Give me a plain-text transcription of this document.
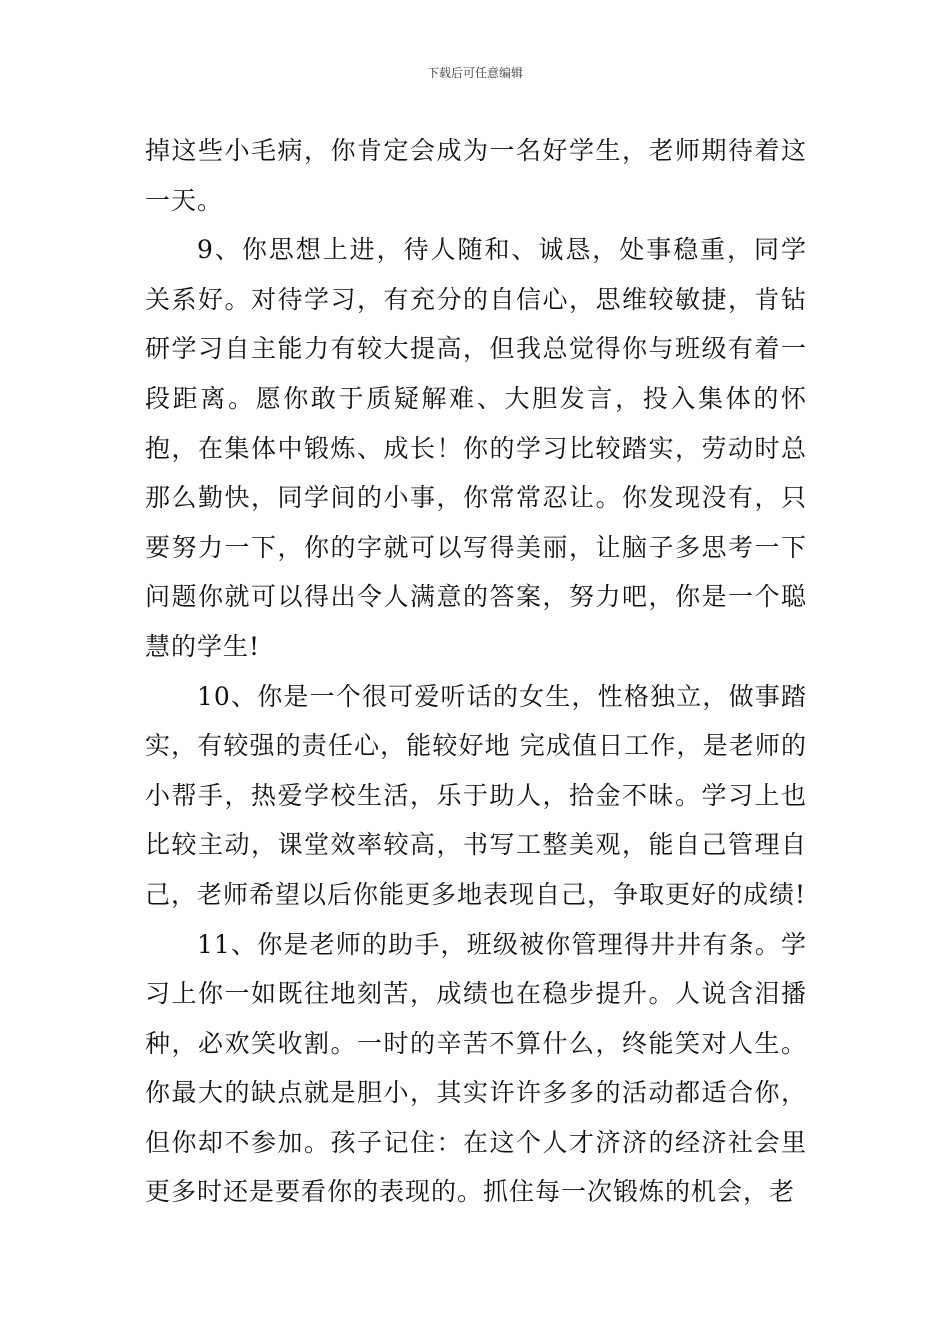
下载后可任意编辑

掉这些小毛病，你肯定会成为一名好学生，老师期待着这一天。

9、你思想上进，待人随和、诚恳，处事稳重，同学关系好。对待学习，有充分的自信心，思维较敏捷，肯钻研学习自主能力有较大提高，但我总觉得你与班级有着一段距离。愿你敢于质疑解难、大胆发言，投入集体的怀抱，在集体中锻炼、成长！你的学习比较踏实，劳动时总那么勤快，同学间的小事，你常常忍让。你发现没有，只要努力一下，你的字就可以写得美丽，让脑子多思考一下问题你就可以得出令人满意的答案，努力吧，你是一个聪慧的学生!

10、你是一个很可爱听话的女生，性格独立，做事踏实，有较强的责任心，能较好地 完成值日工作，是老师的小帮手，热爱学校生活，乐于助人，拾金不昧。学习上也比较主动，课堂效率较高，书写工整美观，能自己管理自己，老师希望以后你能更多地表现自己，争取更好的成绩!

11、你是老师的助手，班级被你管理得井井有条。学习上你一如既往地刻苦，成绩也在稳步提升。人说含泪播种，必欢笑收割。一时的辛苦不算什么，终能笑对人生。你最大的缺点就是胆小，其实许许多多的活动都适合你，但你却不参加。孩子记住：在这个人才济济的经济社会里更多时还是要看你的表现的。抓住每一次锻炼的机会，老
